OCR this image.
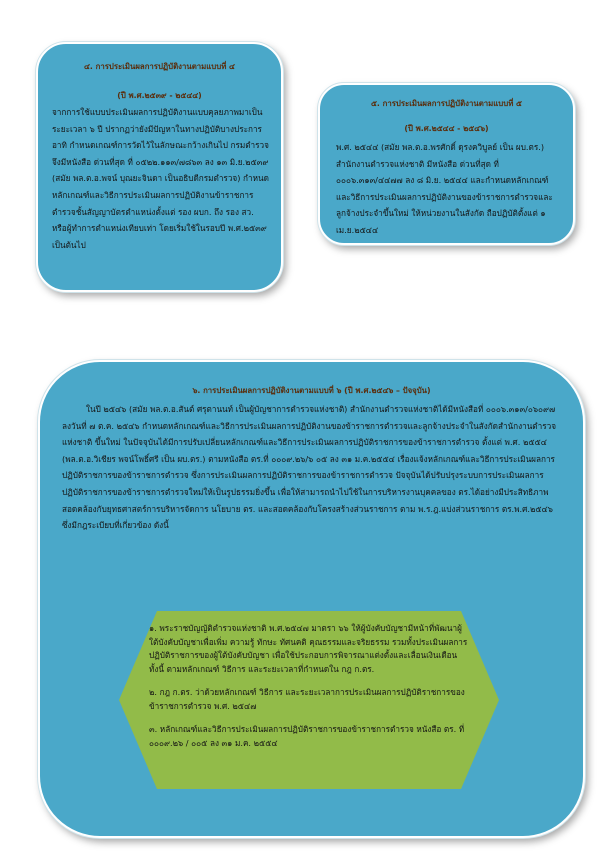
๔. การประเมินผลการปฏิบัติงานตามแบบที่ ๔

(ปี พ.ศ.๒๕๓๙ - ๒๕๔๔)

จากการใช้แบบประเมินผลการปฏิบัติงานแบบคุลยภาพมาเป็นระยะเวลา ๖ ปี ปรากฏว่ายังมีปัญหาในทางปฏิบัติบางประการ อาทิ กำหนดเกณฑ์การวัดไว้ในลักษณะกว้างเกินไป กรมตำรวจจึงมีหนังสือ ด่วนที่สุด ที่ ๐๕๒๒.๑๑๓/๗๘๖๓ ลง ๑๓ มิ.ย.๒๕๓๙ (สมัย พล.ต.อ.พจน์ บุณยะจินดา เป็นอธิบดีกรมตำรวจ) กำหนดหลักเกณฑ์และวิธีการประเมินผลการปฏิบัติงานข้าราชการตำรวจชั้นสัญญาบัตรตำแหน่งตั้งแต่ รอง ผบก. ถึง รอง สว. หรือผู้ทำการตำแหน่งเทียบเท่า โดยเริ่มใช้ในรอบปี พ.ศ.๒๕๓๙ เป็นต้นไป

๕. การประเมินผลการปฏิบัติงานตามแบบที่ ๕

(ปี พ.ศ.๒๕๔๔ - ๒๕๔๖)

พ.ศ. ๒๕๔๔ (สมัย พล.ต.อ.พรศักดิ์ ดุรงควิบูลย์ เป็น ผบ.ตร.) สำนักงานตำรวจแห่งชาติ มีหนังสือ ด่วนที่สุด ที่ ๐๐๐๖.๓๑๓/๔๔๗๗ ลง ๘ มิ.ย. ๒๕๔๔ และกำหนดหลักเกณฑ์และวิธีการประเมินผลการปฏิบัติงานของข้าราชการตำรวจและลูกจ้างประจำขึ้นใหม่ ให้หน่วยงานในสังกัด ถือปฏิบัติตั้งแต่ ๑ เม.ย.๒๕๔๔

๖. การประเมินผลการปฏิบัติงานตามแบบที่ ๖ (ปี พ.ศ.๒๕๔๖ – ปัจจุบัน)

ในปี ๒๕๔๖ (สมัย พล.ต.อ.สันต์ ศรุตานนท์ เป็นผู้บัญชาการตำรวจแห่งชาติ) สำนักงานตำรวจแห่งชาติได้มีหนังสือที่ ๐๐๐๖.๓๑๓/๐๖๐๙๗ ลงวันที่ ๗ ต.ค. ๒๕๔๖ กำหนดหลักเกณฑ์และวิธีการประเมินผลการปฏิบัติงานของข้าราชการตำรวจและลูกจ้างประจำในสังกัดสำนักงานตำรวจแห่งชาติ ขึ้นใหม่ ในปัจจุบันได้มีการปรับเปลี่ยนหลักเกณฑ์และวิธีการประเมินผลการปฏิบัติราชการของข้าราชการตำรวจ ตั้งแต่ พ.ศ. ๒๕๕๔ (พล.ต.อ.วิเชียร พจน์โพธิ์ศรี เป็น ผบ.ตร.) ตามหนังสือ ตร.ที่ ๐๐๐๙.๒๖/๖ ๐๕ ลง ๓๑ ม.ค.๒๕๕๔ เรื่องแจ้งหลักเกณฑ์และวิธีการประเมินผลการปฏิบัติราชการของข้าราชการตำรวจ ซึ่งการประเมินผลการปฏิบัติราชการของข้าราชการตำรวจ ปัจจุบันได้ปรับปรุงระบบการประเมินผลการปฏิบัติราชการของข้าราชการตำรวจใหม่ให้เป็นรูปธรรมยิ่งขึ้น เพื่อให้สามารถนำไปใช้ในการบริหารงานบุคคลของ ตร.ได้อย่างมีประสิทธิภาพสอดคล้องกับยุทธศาสตร์การบริหารจัดการ นโยบาย ตร. และสอดคล้องกับโครงสร้างส่วนราชการ ตาม พ.ร.ฎ.แบ่งส่วนราชการ ตร.พ.ศ.๒๕๔๖ ซึ่งมีกฎระเบียบที่เกี่ยวข้อง ดังนี้

๑. พระราชบัญญัติตำรวจแห่งชาติ พ.ศ.๒๕๔๗ มาตรา ๖๖ ให้ผู้บังคับบัญชามีหน้าที่พัฒนาผู้ใต้บังคับบัญชาเพื่อเพิ่ม ความรู้ ทักษะ ทัศนคติ คุณธรรมและจริยธรรม รวมทั้งประเมินผลการปฏิบัติราชการของผู้ใต้บังคับบัญชา เพื่อใช้ประกอบการพิจารณาแต่งตั้งและเลื่อนเงินเดือนทั้งนี้ ตามหลักเกณฑ์ วิธีการ และระยะเวลาที่กำหนดใน กฎ ก.ตร.

๒. กฎ ก.ตร. ว่าด้วยหลักเกณฑ์ วิธีการ และระยะเวลาการประเมินผลการปฏิบัติราชการของข้าราชการตำรวจ พ.ศ. ๒๕๔๗

๓. หลักเกณฑ์และวิธีการประเมินผลการปฏิบัติราชการของข้าราชการตำรวจ หนังสือ ตร. ที่ ๐๐๐๙.๒๖ / ๐๐๕ ลง ๓๑ ม.ค. ๒๕๕๔
